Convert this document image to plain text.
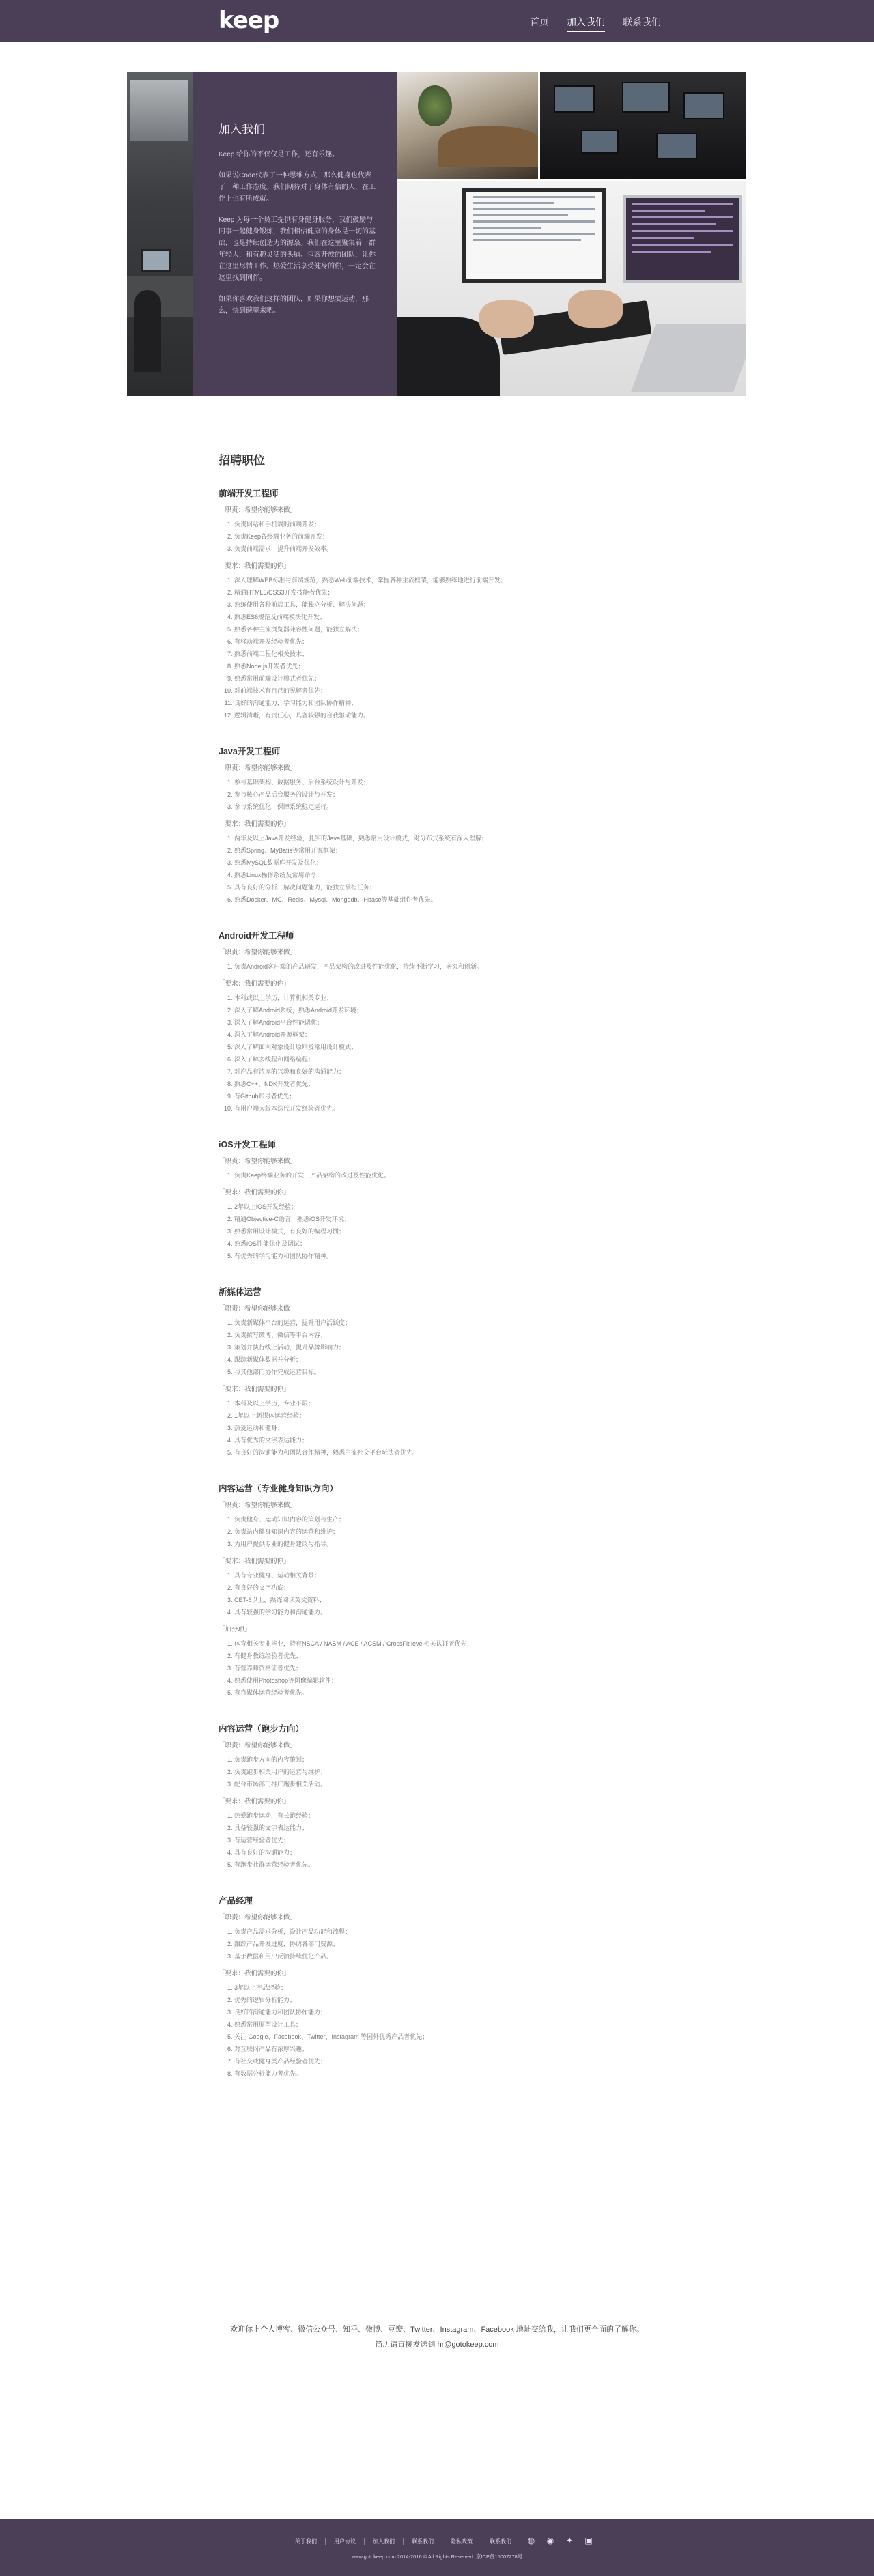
keep	首页 加入我们 联系我们
加入我们

Keep 给你的不仅仅是工作，还有乐趣。

如果说Code代表了一种思维方式，那么健身也代表了一种工作态度。我们期待对于身体有信的人，在工作上也有所成就。

Keep 为每一个员工提供有身健身服务，我们鼓励与同事一起健身锻炼，我们相信健康的身体是一切的基础，也是持续创造力的源泉。我们在这里聚集着一群年轻人，和有趣灵活的头脑、包容开放的团队，让你在这里尽情工作。热爱生活享受健身的你，一定会在这里找到同伴。

如果你喜欢我们这样的团队，如果你想要运动，那么，快到碗里来吧。

招聘职位
前端开发工程师
「职责：希望你能够来做」
1. 负责网站和手机端的前端开发；
2. 负责Keep各终端业务的前端开发；
3. 负责前端需求，提升前端开发效率。
「要求：我们需要的你」
1. 深入理解WEB标准与前端规范，熟悉Web前端技术，掌握各种主流框架，能够熟练地进行前端开发；
2. 精通HTML5/CSS3开发技能者优先；
3. 熟练使用各种前端工具，能独立分析、解决问题；
4. 熟悉ES6规范及前端模块化开发；
5. 熟悉各种主流浏览器兼容性问题，能独立解决；
6. 有移动端开发经验者优先；
7. 熟悉前端工程化相关技术；
8. 熟悉Node.js开发者优先；
9. 熟悉常用前端设计模式者优先；
10. 对前端技术有自己的见解者优先；
11. 良好的沟通能力，学习能力和团队协作精神；
12. 逻辑清晰，有责任心，具备较强的自我驱动能力。
Java开发工程师
「职责：希望你能够来做」
1. 参与基础架构、数据服务、后台系统设计与开发；
2. 参与核心产品后台服务的设计与开发；
3. 参与系统优化，保障系统稳定运行。
「要求：我们需要的你」
1. 两年及以上Java开发经验，扎实的Java基础，熟悉常用设计模式，对分布式系统有深入理解；
2. 熟悉Spring、MyBatis等常用开源框架；
3. 熟悉MySQL数据库开发及优化；
4. 熟悉Linux操作系统及常用命令；
5. 具有良好的分析、解决问题能力，能独立承担任务；
6. 熟悉Docker、MC、Redis、Mysql、Mongodb、Hbase等基础组件者优先。
Android开发工程师
「职责：希望你能够来做」
1. 负责Android客户端的产品研发，产品架构的改进及性能优化，持续不断学习，研究和创新。
「要求：我们需要的你」
1. 本科或以上学历，计算机相关专业；
2. 深入了解Android系统，熟悉Android开发环境；
3. 深入了解Android平台性能调优；
4. 深入了解Android开源框架；
5. 深入了解面向对象设计原则及常用设计模式；
6. 深入了解多线程和网络编程；
7. 对产品有浓厚的兴趣和良好的沟通能力；
8. 熟悉C++、NDK开发者优先；
9. 有Github账号者优先；
10. 有用户端大版本迭代开发经验者优先。
iOS开发工程师
「职责：希望你能够来做」
1. 负责Keep终端业务的开发，产品架构的改进及性能优化。
「要求：我们需要的你」
1. 2年以上iOS开发经验；
2. 精通Objective-C语言，熟悉iOS开发环境；
3. 熟悉常用设计模式，有良好的编程习惯；
4. 熟悉iOS性能优化及调试；
5. 有优秀的学习能力和团队协作精神。
新媒体运营
「职责：希望你能够来做」
1. 负责新媒体平台的运营，提升用户活跃度；
2. 负责撰写微博、微信等平台内容；
3. 策划并执行线上活动，提升品牌影响力；
4. 跟踪新媒体数据并分析；
5. 与其他部门协作完成运营目标。
「要求：我们需要的你」
1. 本科及以上学历，专业不限；
2. 1年以上新媒体运营经验；
3. 热爱运动和健身；
4. 具有优秀的文字表达能力；
5. 有良好的沟通能力和团队合作精神，熟悉主流社交平台玩法者优先。
内容运营（专业健身知识方向）
「职责：希望你能够来做」
1. 负责健身、运动知识内容的策划与生产；
2. 负责站内健身知识内容的运营和维护；
3. 为用户提供专业的健身建议与指导。
「要求：我们需要的你」
1. 具有专业健身、运动相关背景；
2. 有良好的文字功底；
3. CET-6以上，熟练阅读英文资料；
4. 具有较强的学习能力和沟通能力。
「加分项」
1. 体育相关专业毕业，持有NSCA / NASM / ACE / ACSM / CrossFit level相关认证者优先；
2. 有健身教练经验者优先；
3. 有营养师资格证者优先；
4. 熟悉使用Photoshop等图像编辑软件；
5. 有自媒体运营经验者优先。
内容运营（跑步方向）
「职责：希望你能够来做」
1. 负责跑步方向的内容策划；
2. 负责跑步相关用户的运营与维护；
3. 配合市场部门推广跑步相关活动。
「要求：我们需要的你」
1. 热爱跑步运动，有长跑经验；
2. 具备较强的文字表达能力；
3. 有运营经验者优先；
4. 具有良好的沟通能力；
5. 有跑步社群运营经验者优先。
产品经理
「职责：希望你能够来做」
1. 负责产品需求分析，设计产品功能和流程；
2. 跟踪产品开发进度，协调各部门资源；
3. 基于数据和用户反馈持续优化产品。
「要求：我们需要的你」
1. 3年以上产品经验；
2. 优秀的逻辑分析能力；
3. 良好的沟通能力和团队协作能力；
4. 熟悉常用原型设计工具；
5. 关注 Google、Facebook、Twitter、Instagram 等国外优秀产品者优先；
6. 对互联网产品有浓厚兴趣；
7. 有社交或健身类产品经验者优先；
8. 有数据分析能力者优先。
欢迎你上个人博客、微信公众号、知乎、微博、豆瓣、Twitter、Instagram、Facebook 地址交给我，让我们更全面的了解你。
简历请直接发送到 hr@gotokeep.com
关于我们	用户协议	加入我们	联系我们	隐私政策	联系我们	◍ ◉ ✦ ▣
www.gotokeep.com 2014-2016 © All Rights Reserved. 京ICP备15007278号
